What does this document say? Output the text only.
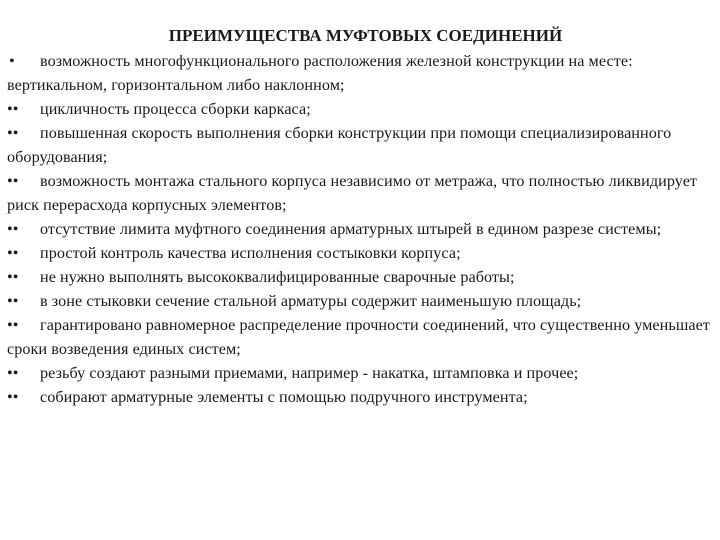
ПРЕИМУЩЕСТВА МУФТОВЫХ СОЕДИНЕНИЙ
• возможность многофункционального расположения железной конструкции на месте: вертикальном, горизонтальном либо наклонном;
•• цикличность процесса сборки каркаса;
•• повышенная скорость выполнения сборки конструкции при помощи специализированного оборудования;
•• возможность монтажа стального корпуса независимо от метража, что полностью ликвидирует риск перерасхода корпусных элементов;
•• отсутствие лимита муфтного соединения арматурных штырей в едином разрезе системы;
•• простой контроль качества исполнения состыковки корпуса;
•• не нужно выполнять высококвалифицированные сварочные работы;
•• в зоне стыковки сечение стальной арматуры содержит наименьшую площадь;
•• гарантировано равномерное распределение прочности соединений, что существенно уменьшает сроки возведения единых систем;
•• резьбу создают разными приемами, например - накатка, штамповка и прочее;
•• собирают арматурные элементы с помощью подручного инструмента;
